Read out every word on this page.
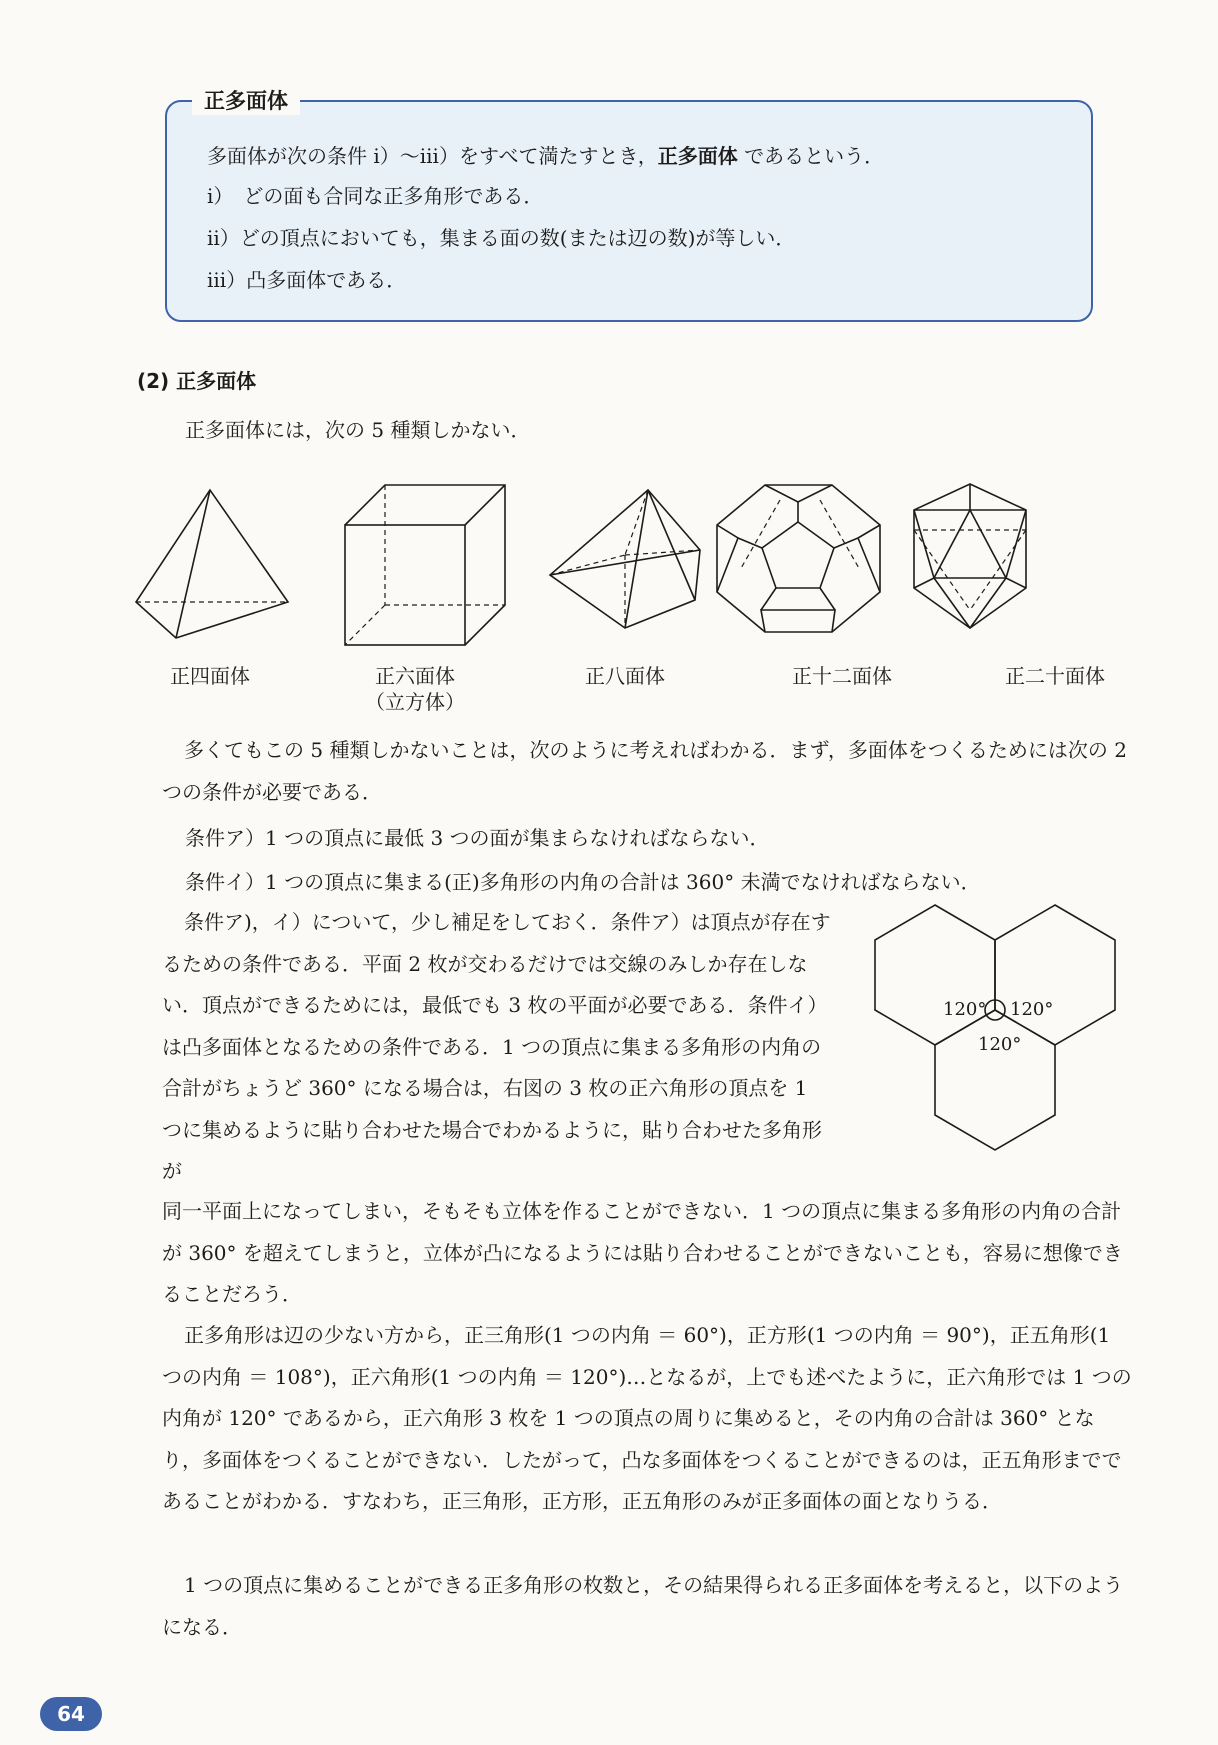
正多面体
多面体が次の条件 i）～iii）をすべて満たすとき，正多面体 であるという．
i）　どの面も合同な正多角形である．
ii）どの頂点においても，集まる面の数(または辺の数)が等しい．
iii）凸多面体である．
(2) 正多面体
正多面体には，次の 5 種類しかない．
正四面体	正六面体
（立方体）
正八面体	正十二面体	正二十面体
多くてもこの 5 種類しかないことは，次のように考えればわかる．まず，多面体をつくるためには次の 2 つの条件が必要である．
条件ア）1 つの頂点に最低 3 つの面が集まらなければならない．
条件イ）1 つの頂点に集まる(正)多角形の内角の合計は 360° 未満でなければならない．
条件ア)，イ）について，少し補足をしておく．条件ア）は頂点が存在するための条件である．平面 2 枚が交わるだけでは交線のみしか存在しない．頂点ができるためには，最低でも 3 枚の平面が必要である．条件イ）は凸多面体となるための条件である．1 つの頂点に集まる多角形の内角の合計がちょうど 360° になる場合は，右図の 3 枚の正六角形の頂点を 1 つに集めるように貼り合わせた場合でわかるように，貼り合わせた多角形が
120° 120°
120°
同一平面上になってしまい，そもそも立体を作ることができない．1 つの頂点に集まる多角形の内角の合計が 360° を超えてしまうと，立体が凸になるようには貼り合わせることができないことも，容易に想像できることだろう．
正多角形は辺の少ない方から，正三角形(1 つの内角 ＝ 60°)，正方形(1 つの内角 ＝ 90°)，正五角形(1 つの内角 ＝ 108°)，正六角形(1 つの内角 ＝ 120°)…となるが，上でも述べたように，正六角形では 1 つの内角が 120° であるから，正六角形 3 枚を 1 つの頂点の周りに集めると，その内角の合計は 360° となり，多面体をつくることができない．したがって，凸な多面体をつくることができるのは，正五角形までであることがわかる．すなわち，正三角形，正方形，正五角形のみが正多面体の面となりうる．
1 つの頂点に集めることができる正多角形の枚数と，その結果得られる正多面体を考えると，以下のようになる．
64
